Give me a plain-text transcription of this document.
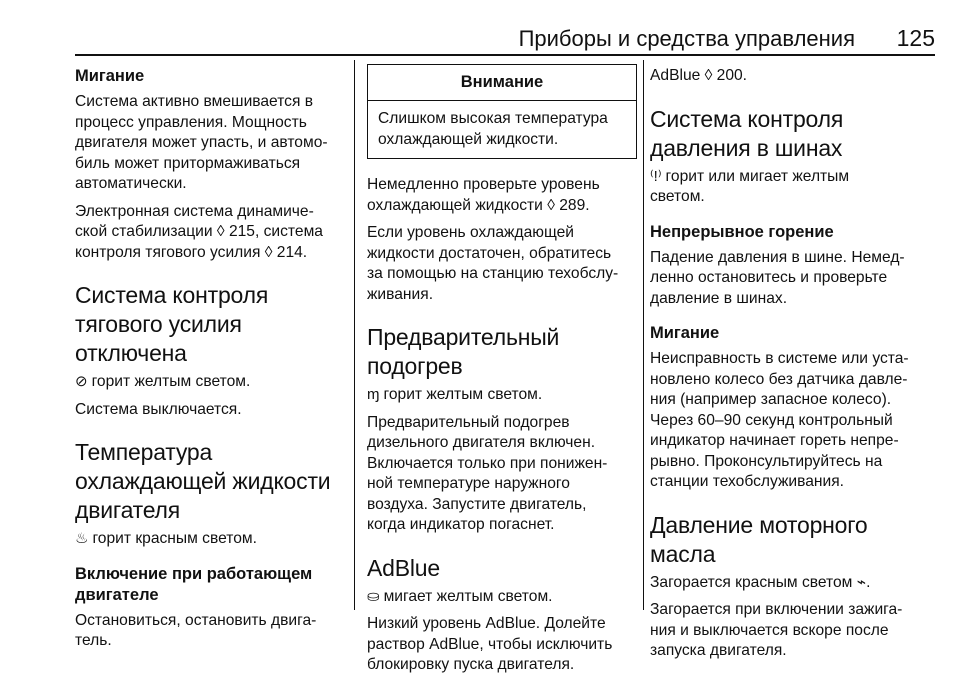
Приборы и средства управления 125
Мигание

Система активно вмешивается в
процесс управления. Мощность
двигателя может упасть, и автомо-
биль может притормаживаться
автоматически.

Электронная система динамиче-
ской стабилизации ◊ 215, система
контроля тягового усилия ◊ 214.

Система контроля
тягового усилия
отключена

⊘ горит желтым светом.

Система выключается.

Температура
охлаждающей жидкости
двигателя

♨ горит красным светом.

Включение при работающем
двигателе

Остановиться, остановить двига-
тель.

Внимание
Слишком высокая температура
охлаждающей жидкости.

Немедленно проверьте уровень
охлаждающей жидкости ◊ 289.

Если уровень охлаждающей
жидкости достаточен, обратитесь
за помощью на станцию техобслу-
живания.

Предварительный
подогрев

ɱ горит желтым светом.

Предварительный подогрев
дизельного двигателя включен.
Включается только при понижен-
ной температуре наружного
воздуха. Запустите двигатель,
когда индикатор погаснет.

AdBlue

⛀ мигает желтым светом.

Низкий уровень AdBlue. Долейте
раствор AdBlue, чтобы исключить
блокировку пуска двигателя.

AdBlue ◊ 200.

Система контроля
давления в шинах

⁽!⁾ горит или мигает желтым
светом.

Непрерывное горение

Падение давления в шине. Немед-
ленно остановитесь и проверьте
давление в шинах.

Мигание

Неисправность в системе или уста-
новлено колесо без датчика давле-
ния (например запасное колесо).
Через 60–90 секунд контрольный
индикатор начинает гореть непре-
рывно. Проконсультируйтесь на
станции техобслуживания.

Давление моторного
масла

Загорается красным светом ⌁.

Загорается при включении зажига-
ния и выключается вскоре после
запуска двигателя.
